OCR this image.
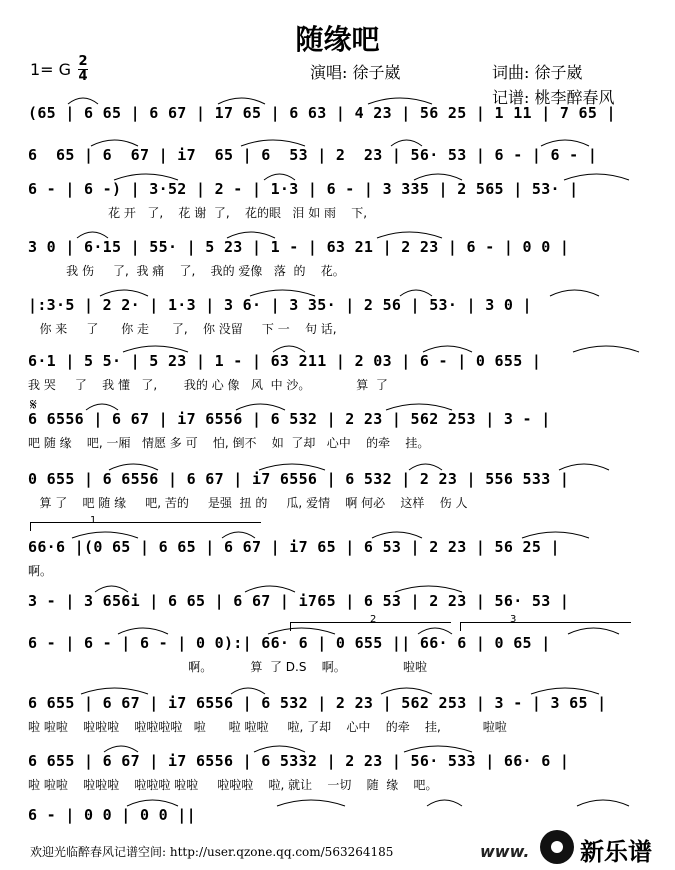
随缘吧
1= G 2
4	演唱: 徐子崴	词曲: 徐子崴
记谱: 桃李醉春风
(65 | 6 65 | 6 67 | 17 65 | 6 63 | 4 23 | 56 25 | 1 11 | 7 65 |
6  65 | 6  67 | i7  65 | 6  53 | 2  23 | 56· 53 | 6 - | 6 - |
6 - | 6 -) | 3·52 | 2 - | 1·3 | 6 - | 3 335 | 2 565 | 53· |
花 开   了,    花 谢  了,    花的眼   泪 如 雨    下,
3 0 | 6·15 | 55· | 5 23 | 1 - | 63 21 | 2 23 | 6 - | 0 0 |
我 伤     了,  我 痛    了,    我的 爱像   落  的    花。
|:3·5 | 2 2· | 1·3 | 3 6· | 3 35· | 2 56 | 53· | 3 0 |
你 来     了      你 走      了,    你 没留     下 一    句 话,
6·1 | 5 5· | 5 23 | 1 - | 63 211 | 2 03 | 6 - | 0 655 |
我 哭     了    我 懂   了,       我的 心 像   风  中 沙。            算  了
6 6556 | 6 67 | i7 6556 | 6 532 | 2 23 | 562 253 | 3 - |
吧 随 缘    吧, 一厢   情愿 多 可    怕, 倒不    如  了却   心中    的牵    挂。
0 655 | 6 6556 | 6 67 | i7 6556 | 6 532 | 2 23 | 556 533 |
算 了    吧 随 缘     吧, 苦的     是强  扭 的     瓜, 爱情    啊 何必    这样    伤 人
66·6 |(0 65 | 6 65 | 6 67 | i7 65 | 6 53 | 2 23 | 56 25 |
啊。
3 - | 3 656i | 6 65 | 6 67 | i765 | 6 53 | 2 23 | 56· 53 |
6 - | 6 - | 6 - | 0 0):| 66· 6 | 0 655 || 66· 6 | 0 65 |
啊。          算  了 D.S    啊。               啦啦
6 655 | 6 67 | i7 6556 | 6 532 | 2 23 | 562 253 | 3 - | 3 65 |
啦 啦啦    啦啦啦    啦啦啦啦   啦      啦 啦啦     啦, 了却    心中    的牵    挂,           啦啦
6 655 | 6 67 | i7 6556 | 6 5332 | 2 23 | 56· 533 | 66· 6 |
啦 啦啦    啦啦啦    啦啦啦 啦啦     啦啦啦    啦, 就让    一切    随  缘    吧。
6 - | 0 0 | 0 0 ||
𝄋
1
2	3
欢迎光临醉春风记谱空间: http://user.qzone.qq.com/563264185	www. 新乐谱
